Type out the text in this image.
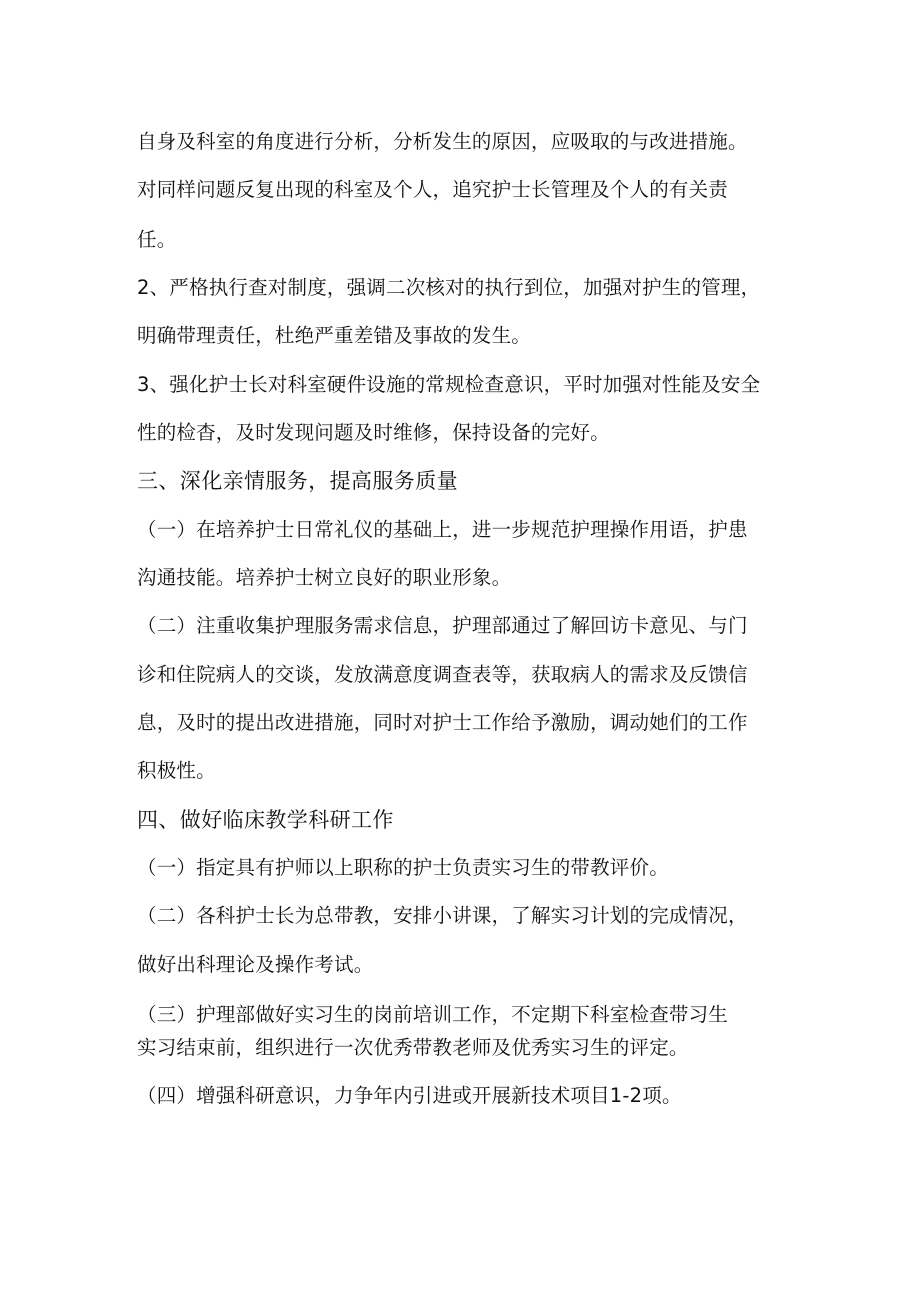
自身及科室的角度进行分析，分析发生的原因，应吸取的与改进措施。

对同样问题反复出现的科室及个人，追究护士长管理及个人的有关责

任。

2、严格执行查对制度，强调二次核对的执行到位，加强对护生的管理，

明确带理责任，杜绝严重差错及事故的发生。

3、强化护士长对科室硬件设施的常规检查意识，平时加强对性能及安全

性的检杳，及时发现问题及时维修，保持设备的完好。

三、深化亲情服务，提高服务质量

（一）在培养护士日常礼仪的基础上，进一步规范护理操作用语，护患

沟通技能。培养护士树立良好的职业形象。

（二）注重收集护理服务需求信息，护理部通过了解回访卡意见、与门

诊和住院病人的交谈，发放满意度调查表等，获取病人的需求及反馈信

息，及时的提出改进措施，同时对护士工作给予激励，调动她们的工作

积极性。

四、做好临床教学科研工作

（一）指定具有护师以上职称的护士负责实习生的带教评价。

（二）各科护士长为总带教，安排小讲课，了解实习计划的完成情况，

做好出科理论及操作考试。

（三）护理部做好实习生的岗前培训工作，不定期下科室检查带习生

实习结束前，组织进行一次优秀带教老师及优秀实习生的评定。

（四）增强科研意识，力争年内引进或开展新技术项目1-2项。
